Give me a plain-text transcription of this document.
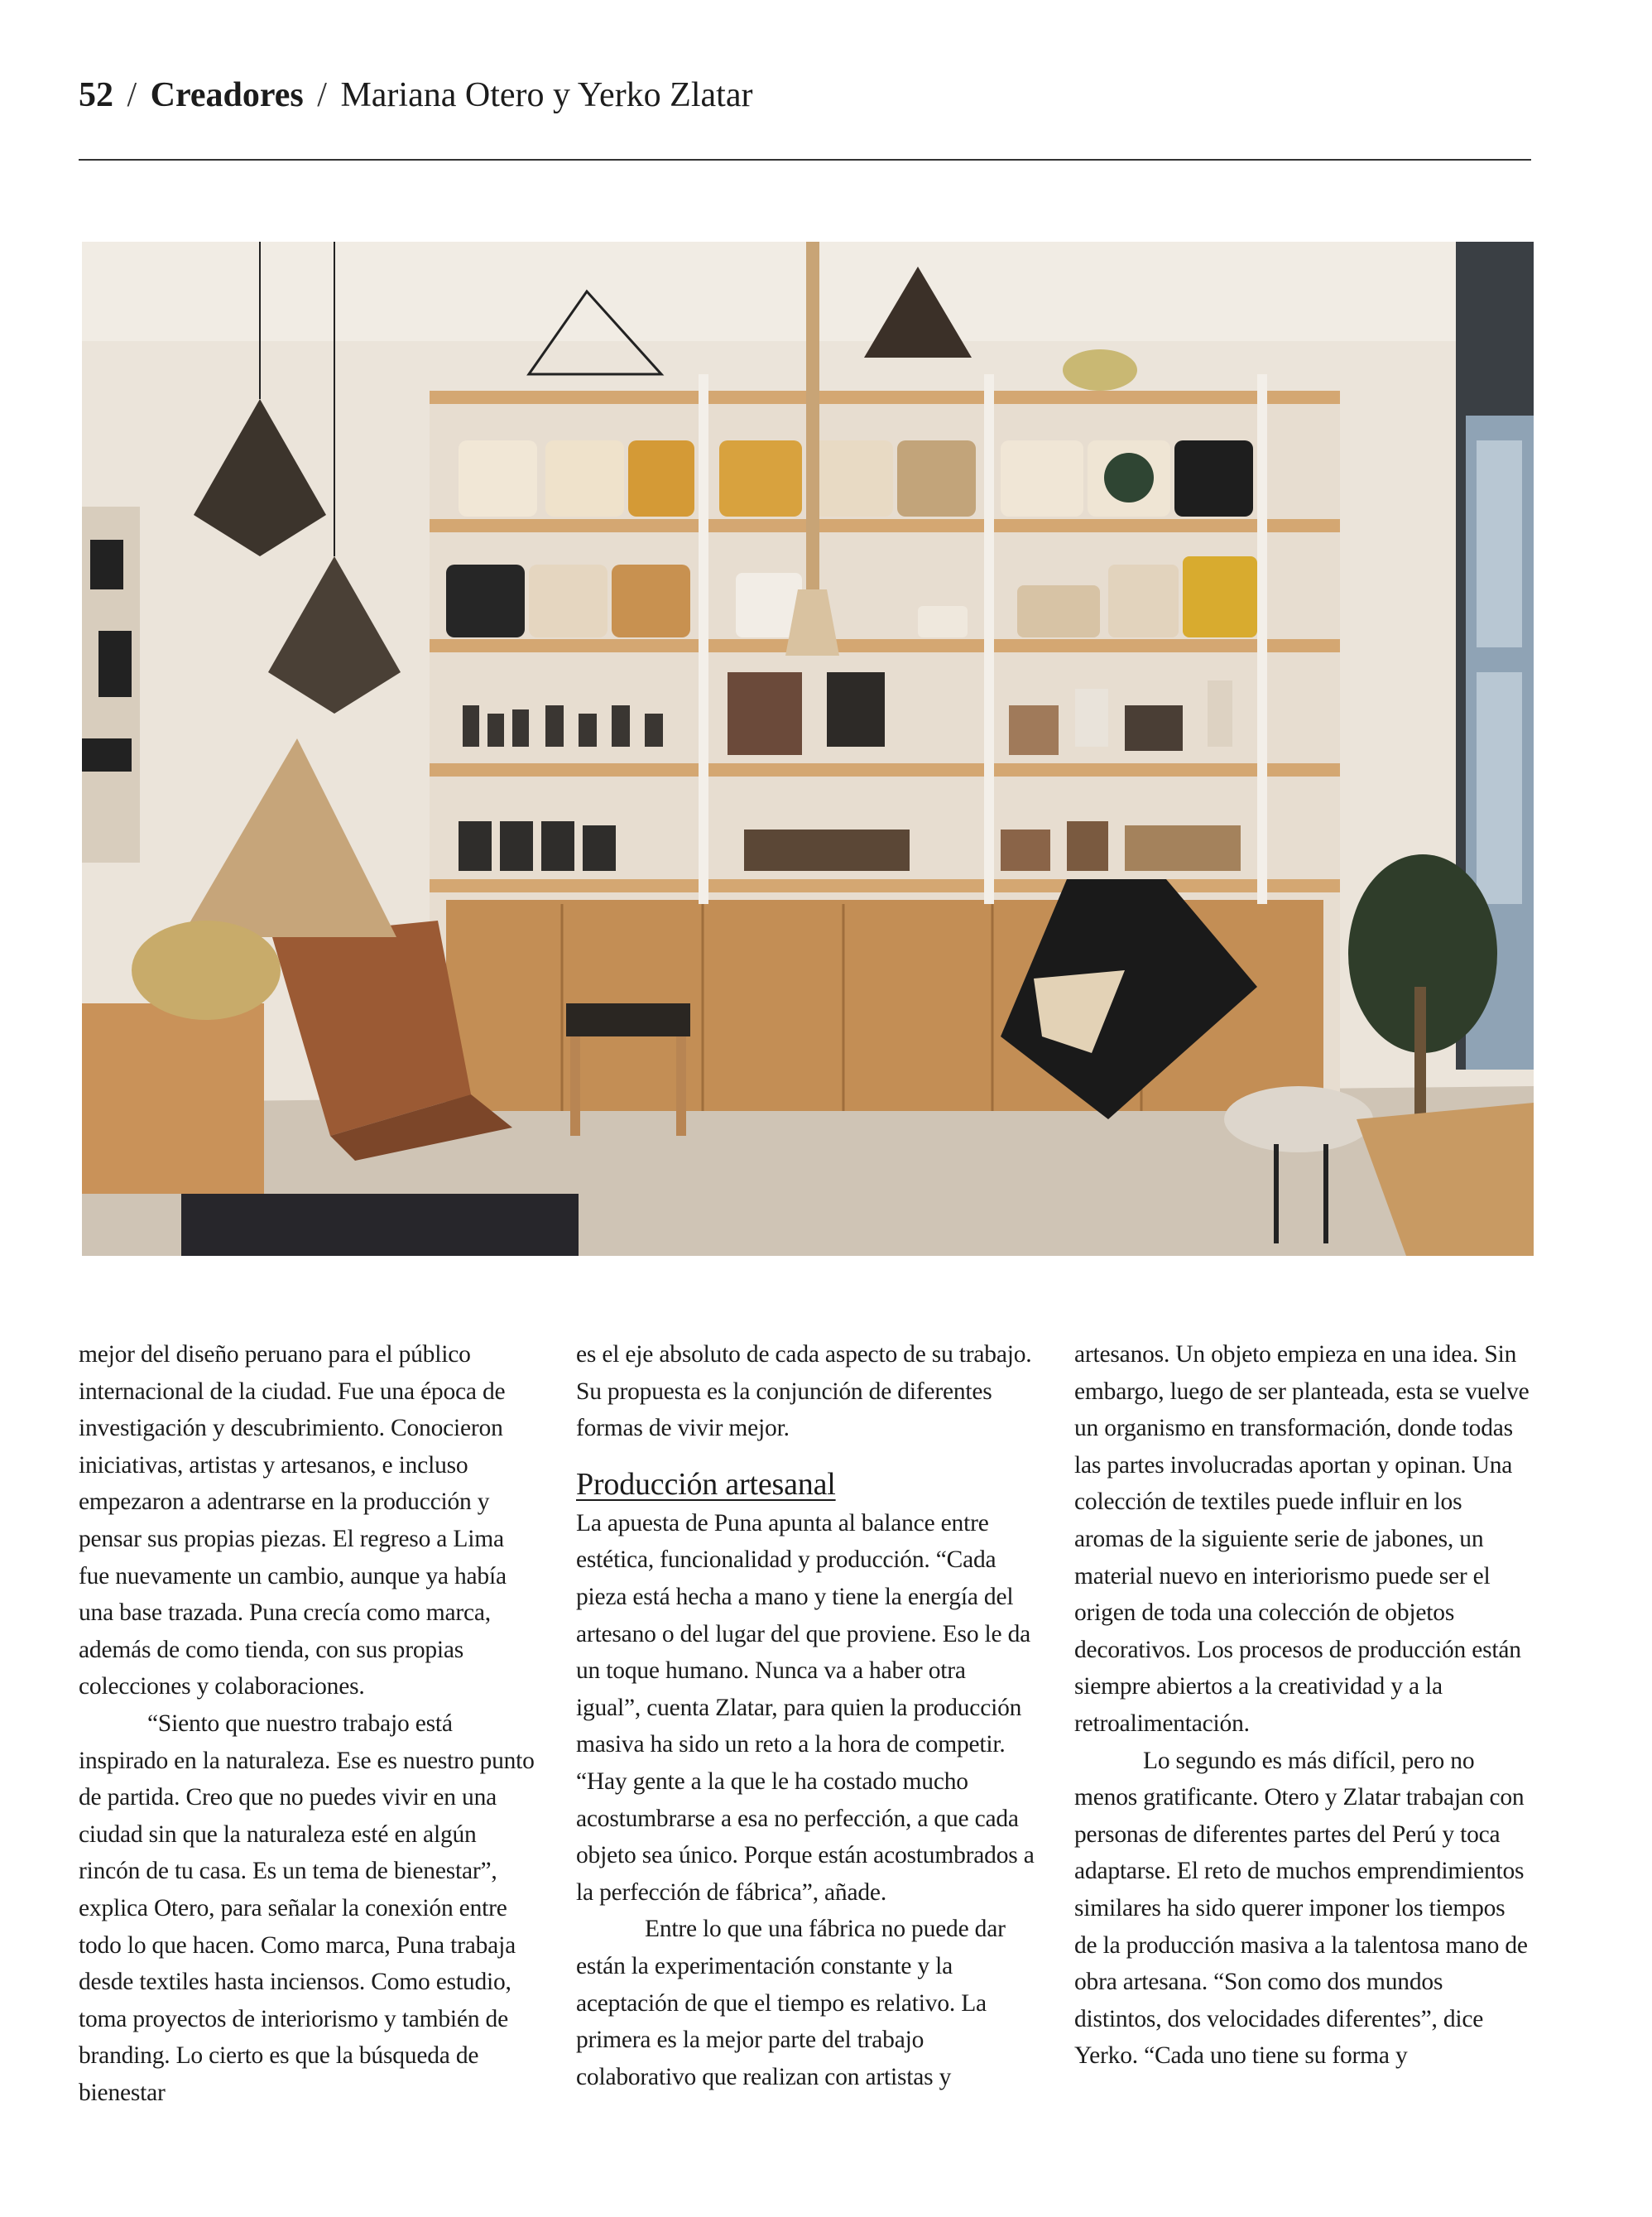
52 / Creadores / Mariana Otero y Yerko Zlatar

mejor del diseño peruano para el público internacional de la ciudad. Fue una época de investigación y descubrimiento. Conocieron iniciativas, artistas y artesanos, e incluso empezaron a adentrarse en la producción y pensar sus propias piezas. El regreso a Lima fue nuevamente un cambio, aunque ya había una base trazada. Puna crecía como marca, además de como tienda, con sus propias colecciones y colaboraciones.

“Siento que nuestro trabajo está inspirado en la naturaleza. Ese es nuestro punto de partida. Creo que no puedes vivir en una ciudad sin que la naturaleza esté en algún rincón de tu casa. Es un tema de bienestar”, explica Otero, para señalar la conexión entre todo lo que hacen. Como marca, Puna trabaja desde textiles hasta inciensos. Como estudio, toma proyectos de interiorismo y también de branding. Lo cierto es que la búsqueda de bienestar

es el eje absoluto de cada aspecto de su trabajo. Su propuesta es la conjunción de diferentes formas de vivir mejor.

Producción artesanal

La apuesta de Puna apunta al balance entre estética, funcionalidad y producción. “Cada pieza está hecha a mano y tiene la energía del artesano o del lugar del que proviene. Eso le da un toque humano. Nunca va a haber otra igual”, cuenta Zlatar, para quien la producción masiva ha sido un reto a la hora de competir. “Hay gente a la que le ha costado mucho acostumbrarse a esa no perfección, a que cada objeto sea único. Porque están acostumbrados a la perfección de fábrica”, añade.

Entre lo que una fábrica no puede dar están la experimentación constante y la aceptación de que el tiempo es relativo. La primera es la mejor parte del trabajo colaborativo que realizan con artistas y

artesanos. Un objeto empieza en una idea. Sin embargo, luego de ser planteada, esta se vuelve un organismo en transformación, donde todas las partes involucradas aportan y opinan. Una colección de textiles puede influir en los aromas de la siguiente serie de jabones, un material nuevo en interiorismo puede ser el origen de toda una colección de objetos decorativos. Los procesos de producción están siempre abiertos a la creatividad y a la retroalimentación.

Lo segundo es más difícil, pero no menos gratificante. Otero y Zlatar trabajan con personas de diferentes partes del Perú y toca adaptarse. El reto de muchos emprendimientos similares ha sido querer imponer los tiempos de la producción masiva a la talentosa mano de obra artesana. “Son como dos mundos distintos, dos velocidades diferentes”, dice Yerko. “Cada uno tiene su forma y
